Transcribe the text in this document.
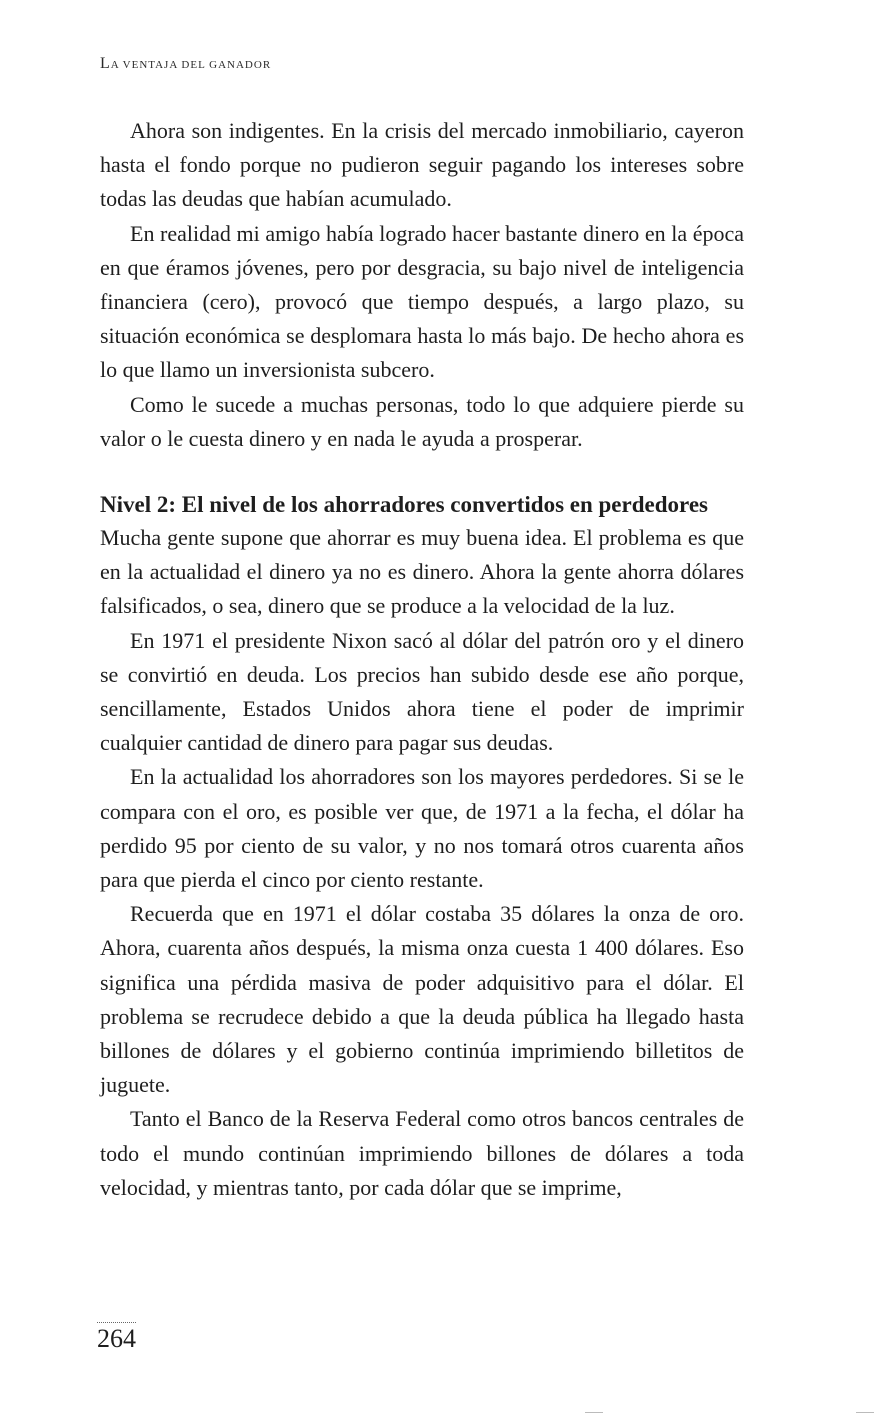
LA VENTAJA DEL GANADOR

Ahora son indigentes. En la crisis del mercado inmobiliario, cayeron hasta el fondo porque no pudieron seguir pagando los intereses sobre todas las deudas que habían acumulado.

En realidad mi amigo había logrado hacer bastante dinero en la época en que éramos jóvenes, pero por desgracia, su bajo nivel de inteligencia financiera (cero), provocó que tiempo después, a largo plazo, su situación económica se desplomara hasta lo más bajo. De hecho ahora es lo que llamo un inversionista subcero.

Como le sucede a muchas personas, todo lo que adquiere pierde su valor o le cuesta dinero y en nada le ayuda a prosperar.

Nivel 2: El nivel de los ahorradores convertidos en perdedores

Mucha gente supone que ahorrar es muy buena idea. El problema es que en la actualidad el dinero ya no es dinero. Ahora la gente ahorra dólares falsificados, o sea, dinero que se produce a la velocidad de la luz.

En 1971 el presidente Nixon sacó al dólar del patrón oro y el dinero se convirtió en deuda. Los precios han subido desde ese año porque, sencillamente, Estados Unidos ahora tiene el poder de imprimir cualquier cantidad de dinero para pagar sus deudas.

En la actualidad los ahorradores son los mayores perdedores. Si se le compara con el oro, es posible ver que, de 1971 a la fecha, el dólar ha perdido 95 por ciento de su valor, y no nos tomará otros cuarenta años para que pierda el cinco por ciento restante.

Recuerda que en 1971 el dólar costaba 35 dólares la onza de oro. Ahora, cuarenta años después, la misma onza cuesta 1 400 dólares. Eso significa una pérdida masiva de poder adquisitivo para el dólar. El problema se recrudece debido a que la deuda pública ha llegado hasta billones de dólares y el gobierno continúa imprimiendo billetitos de juguete.

Tanto el Banco de la Reserva Federal como otros bancos centrales de todo el mundo continúan imprimiendo billones de dólares a toda velocidad, y mientras tanto, por cada dólar que se imprime,

264
